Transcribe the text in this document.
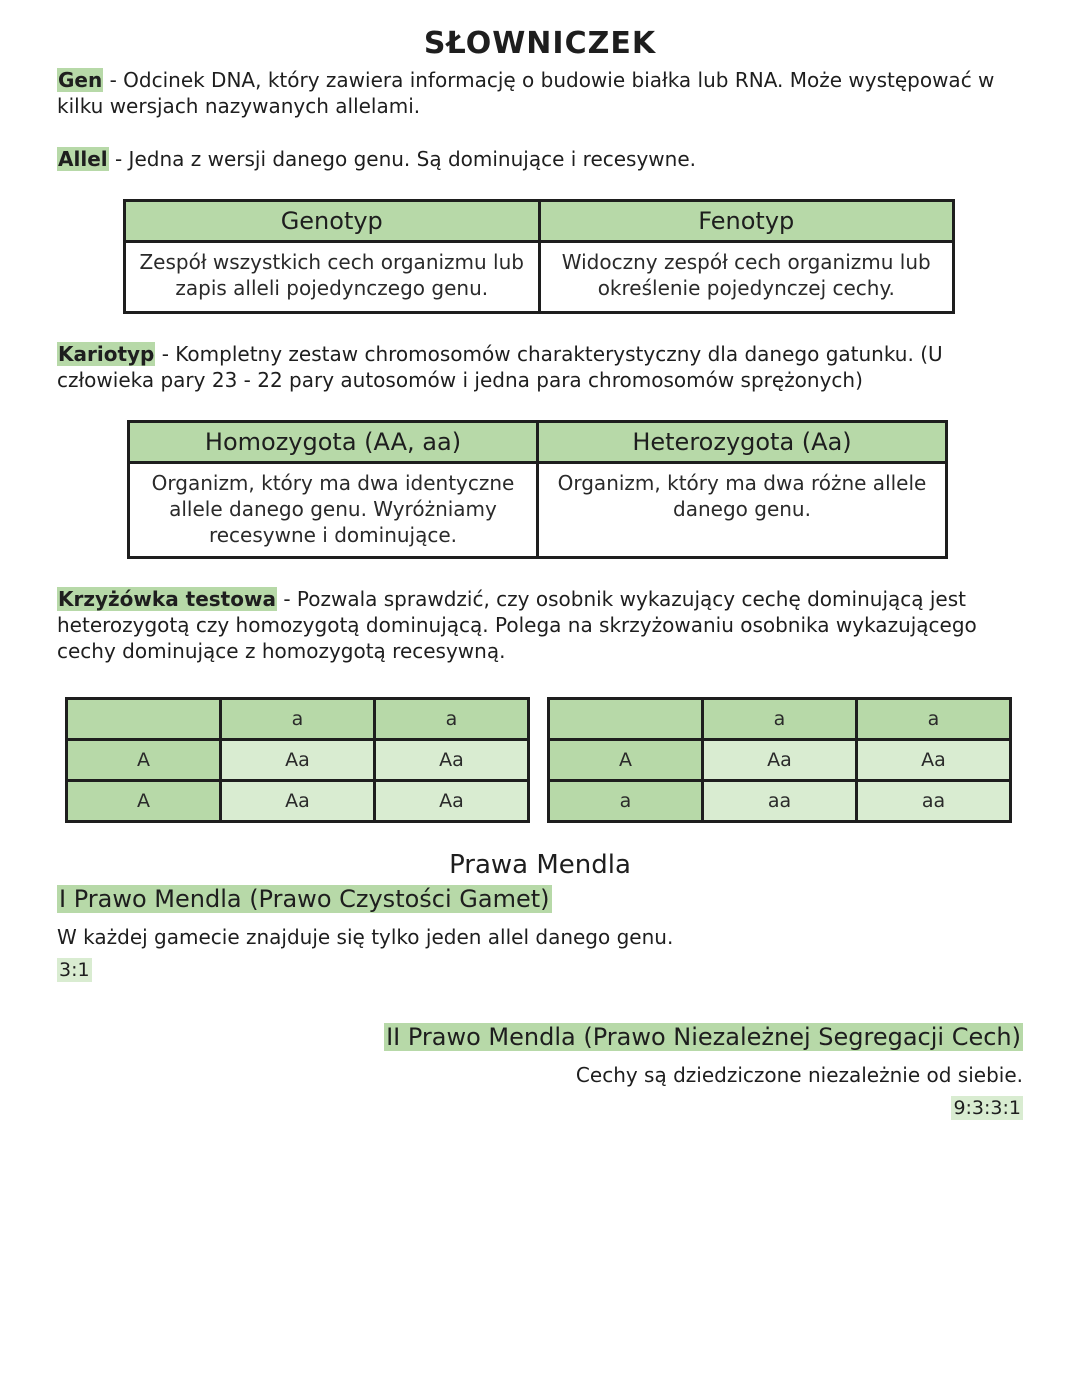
SŁOWNICZEK
Gen - Odcinek DNA, który zawiera informację o budowie białka lub RNA. Może występować w kilku wersjach nazywanych allelami.
Allel - Jedna z wersji danego genu. Są dominujące i recesywne.
Genotyp	Fenotyp
Zespół wszystkich cech organizmu lub zapis alleli pojedynczego genu.	Widoczny zespół cech organizmu lub określenie pojedynczej cechy.
Kariotyp - Kompletny zestaw chromosomów charakterystyczny dla danego gatunku. (U człowieka pary 23 - 22 pary autosomów i jedna para chromosomów sprężonych)
Homozygota (AA, aa)	Heterozygota (Aa)
Organizm, który ma dwa identyczne allele danego genu. Wyróżniamy recesywne i dominujące.	Organizm, który ma dwa różne allele danego genu.
Krzyżówka testowa - Pozwala sprawdzić, czy osobnik wykazujący cechę dominującą jest heterozygotą czy homozygotą dominującą. Polega na skrzyżowaniu osobnika wykazującego cechy dominujące z homozygotą recesywną.
	a	a
A	Aa	Aa
A	Aa	Aa
	a	a
A	Aa	Aa
a	aa	aa
Prawa Mendla
I Prawo Mendla (Prawo Czystości Gamet)
W każdej gamecie znajduje się tylko jeden allel danego genu.
3:1
II Prawo Mendla (Prawo Niezależnej Segregacji Cech)
Cechy są dziedziczone niezależnie od siebie.
9:3:3:1
